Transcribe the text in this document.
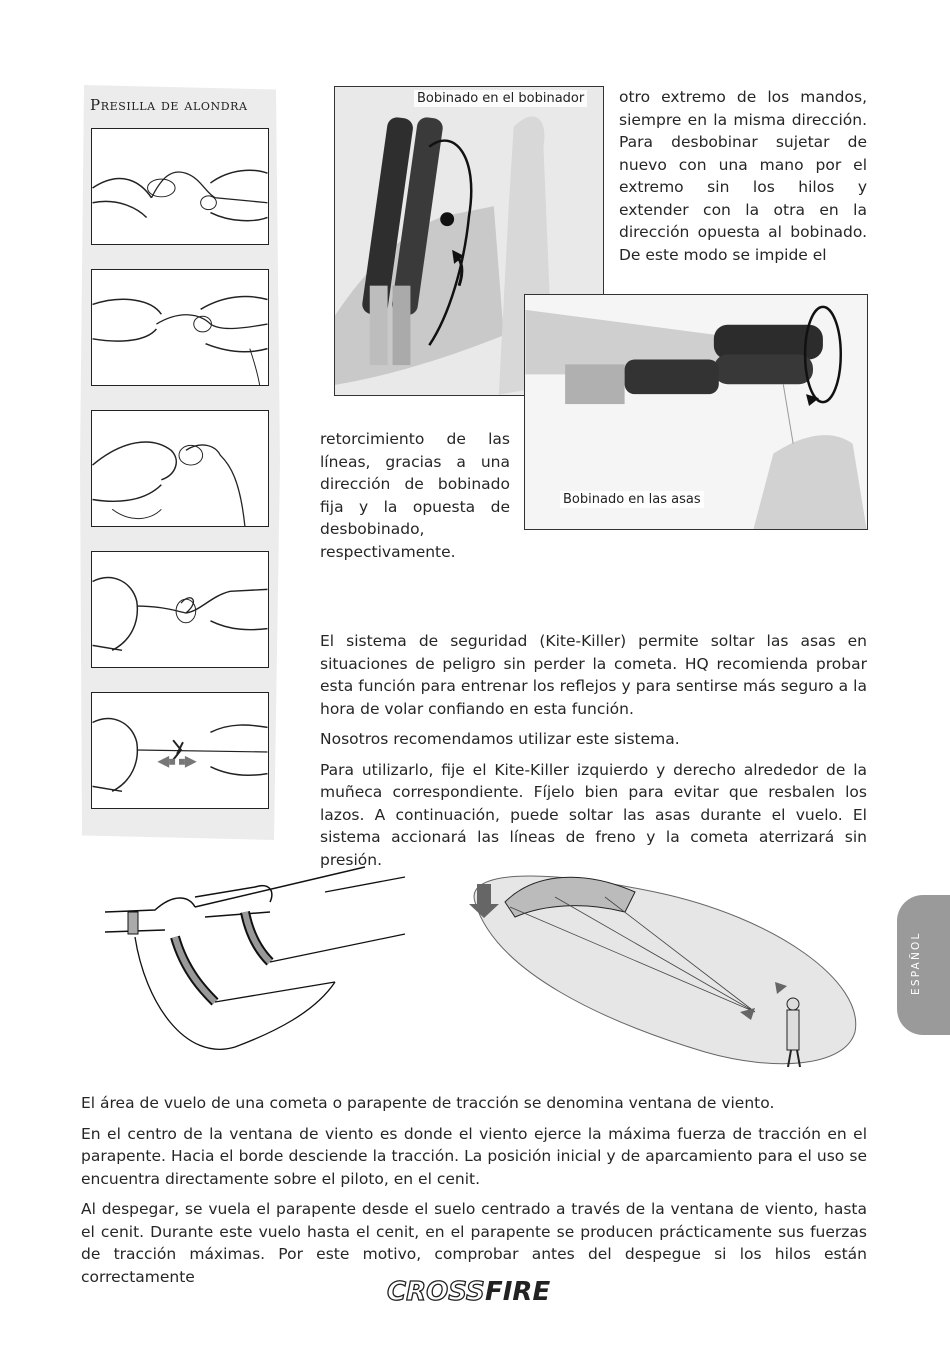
Presilla de alondra	Bobinado en el bobinador otro extremo de los mandos, siempre en la misma dirección. Para desbobinar sujetar de nuevo con una mano por el extremo sin los hilos y extender con la otra en la dirección opuesta al bobinado. De este modo se impide el
Bobinado en las asas
retorcimiento de las líneas, gracias a una dirección de bobinado fija y la opuesta de desbobinado, respectivamente.

El sistema de seguridad (Kite-Killer) permite soltar las asas en situaciones de peligro sin perder la cometa. HQ recomienda probar esta función para entrenar los reflejos y para sentirse más seguro a la hora de volar confiando en esta función.

Nosotros recomendamos utilizar este sistema.

Para utilizarlo, fije el Kite-Killer izquierdo y derecho alrededor de la muñeca correspondiente. Fíjelo bien para evitar que resbalen los lazos. A continuación, puede soltar las asas durante el vuelo. El sistema accionará las líneas de freno y la cometa aterrizará sin presión.

El área de vuelo de una cometa o parapente de tracción se denomina ventana de viento.

En el centro de la ventana de viento es donde el viento ejerce la máxima fuerza de tracción en el parapente. Hacia el borde desciende la tracción. La posición inicial y de aparcamiento para el uso se encuentra directamente sobre el piloto, en el cenit.

Al despegar, se vuela el parapente desde el suelo centrado a través de la ventana de viento, hasta el cenit. Durante este vuelo hasta el cenit, en el parapente se producen prácticamente sus fuerzas de tracción máximas. Por este motivo, comprobar antes del despegue si los hilos están correctamente

ESPAÑOL
CROSS FIRE
